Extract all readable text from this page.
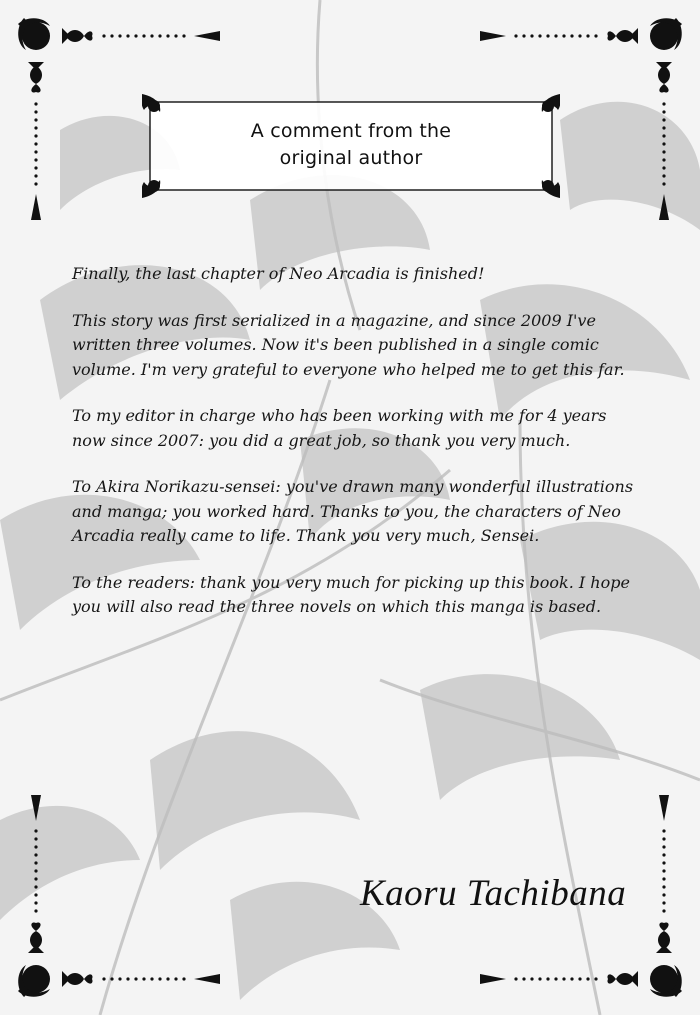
A comment from the
original author

Finally, the last chapter of Neo Arcadia is finished!

This story was first serialized in a magazine, and since 2009 I've written three volumes. Now it's been published in a single comic volume. I'm very grateful to everyone who helped me to get this far.

To my editor in charge who has been working with me for 4 years now since 2007: you did a great job, so thank you very much.

To Akira Norikazu-sensei: you've drawn many wonderful illustrations and manga; you worked hard. Thanks to you, the characters of Neo Arcadia really came to life. Thank you very much, Sensei.

To the readers: thank you very much for picking up this book. I hope you will also read the three novels on which this manga is based.

Kaoru Tachibana
